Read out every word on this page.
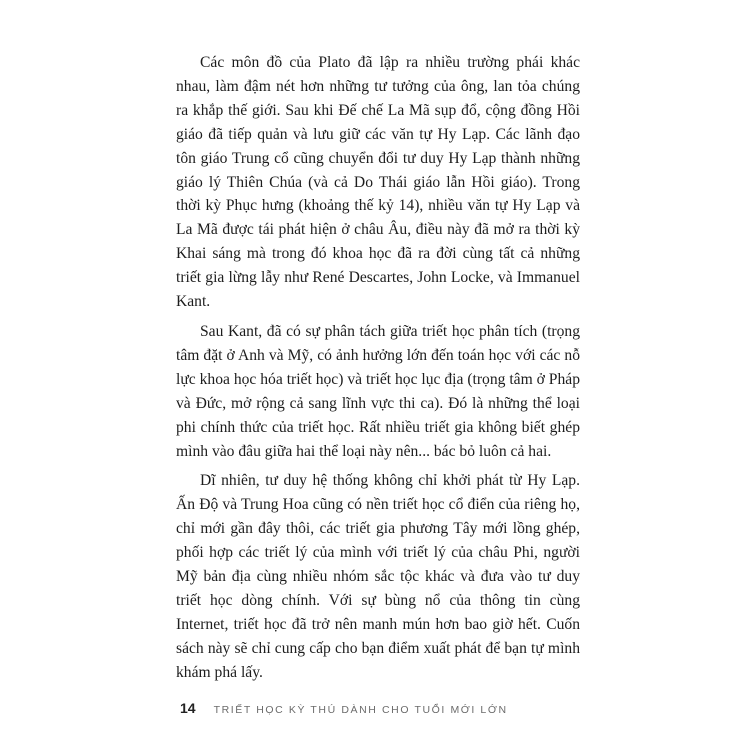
Các môn đồ của Plato đã lập ra nhiều trường phái khác nhau, làm đậm nét hơn những tư tưởng của ông, lan tỏa chúng ra khắp thế giới. Sau khi Đế chế La Mã sụp đổ, cộng đồng Hồi giáo đã tiếp quản và lưu giữ các văn tự Hy Lạp. Các lãnh đạo tôn giáo Trung cổ cũng chuyển đổi tư duy Hy Lạp thành những giáo lý Thiên Chúa (và cả Do Thái giáo lẫn Hồi giáo). Trong thời kỳ Phục hưng (khoảng thế kỷ 14), nhiều văn tự Hy Lạp và La Mã được tái phát hiện ở châu Âu, điều này đã mở ra thời kỳ Khai sáng mà trong đó khoa học đã ra đời cùng tất cả những triết gia lừng lẫy như René Descartes, John Locke, và Immanuel Kant.

Sau Kant, đã có sự phân tách giữa triết học phân tích (trọng tâm đặt ở Anh và Mỹ, có ảnh hưởng lớn đến toán học với các nỗ lực khoa học hóa triết học) và triết học lục địa (trọng tâm ở Pháp và Đức, mở rộng cả sang lĩnh vực thi ca). Đó là những thể loại phi chính thức của triết học. Rất nhiều triết gia không biết ghép mình vào đâu giữa hai thể loại này nên... bác bỏ luôn cả hai.

Dĩ nhiên, tư duy hệ thống không chỉ khởi phát từ Hy Lạp. Ấn Độ và Trung Hoa cũng có nền triết học cổ điển của riêng họ, chỉ mới gần đây thôi, các triết gia phương Tây mới lồng ghép, phối hợp các triết lý của mình với triết lý của châu Phi, người Mỹ bản địa cùng nhiều nhóm sắc tộc khác và đưa vào tư duy triết học dòng chính. Với sự bùng nổ của thông tin cùng Internet, triết học đã trở nên manh mún hơn bao giờ hết. Cuốn sách này sẽ chỉ cung cấp cho bạn điểm xuất phát để bạn tự mình khám phá lấy.

14 TRIẾT HỌC KỲ THÚ DÀNH CHO TUỔI MỚI LỚN
